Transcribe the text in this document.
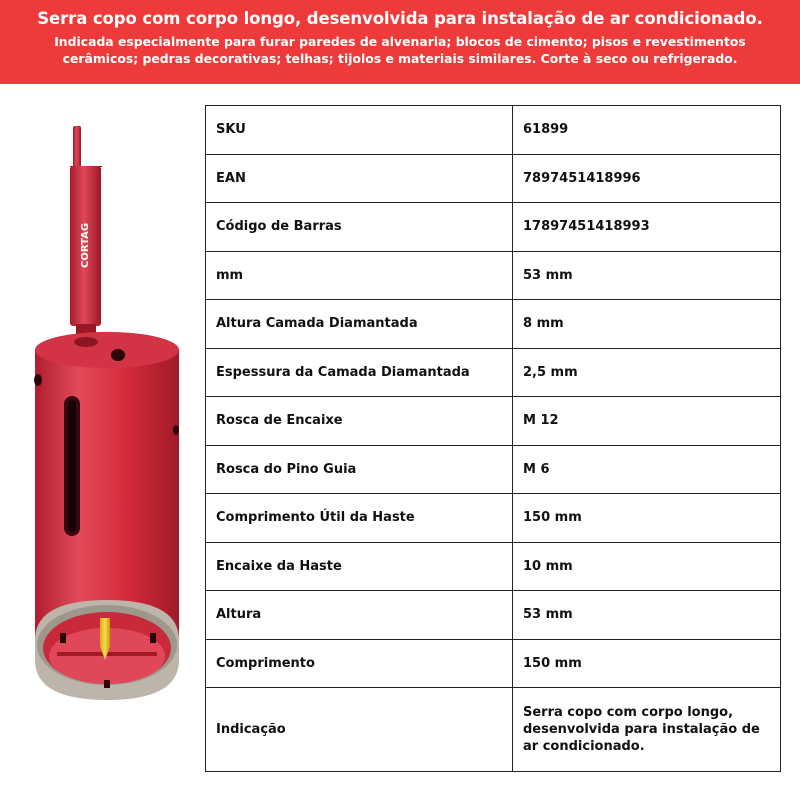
Serra copo com corpo longo, desenvolvida para instalação de ar condicionado.
Indicada especialmente para furar paredes de alvenaria; blocos de cimento; pisos e revestimentos cerâmicos; pedras decorativas; telhas; tijolos e materiais similares. Corte à seco ou refrigerado.
CORTAG
SKU	61899
EAN	7897451418996
Código de Barras	17897451418993
mm	53 mm
Altura Camada Diamantada	8 mm
Espessura da Camada Diamantada	2,5 mm
Rosca de Encaixe	M 12
Rosca do Pino Guia	M 6
Comprimento Útil da Haste	150 mm
Encaixe da Haste	10 mm
Altura	53 mm
Comprimento	150 mm
Indicação	Serra copo com corpo longo, desenvolvida para instalação de ar condicionado.
